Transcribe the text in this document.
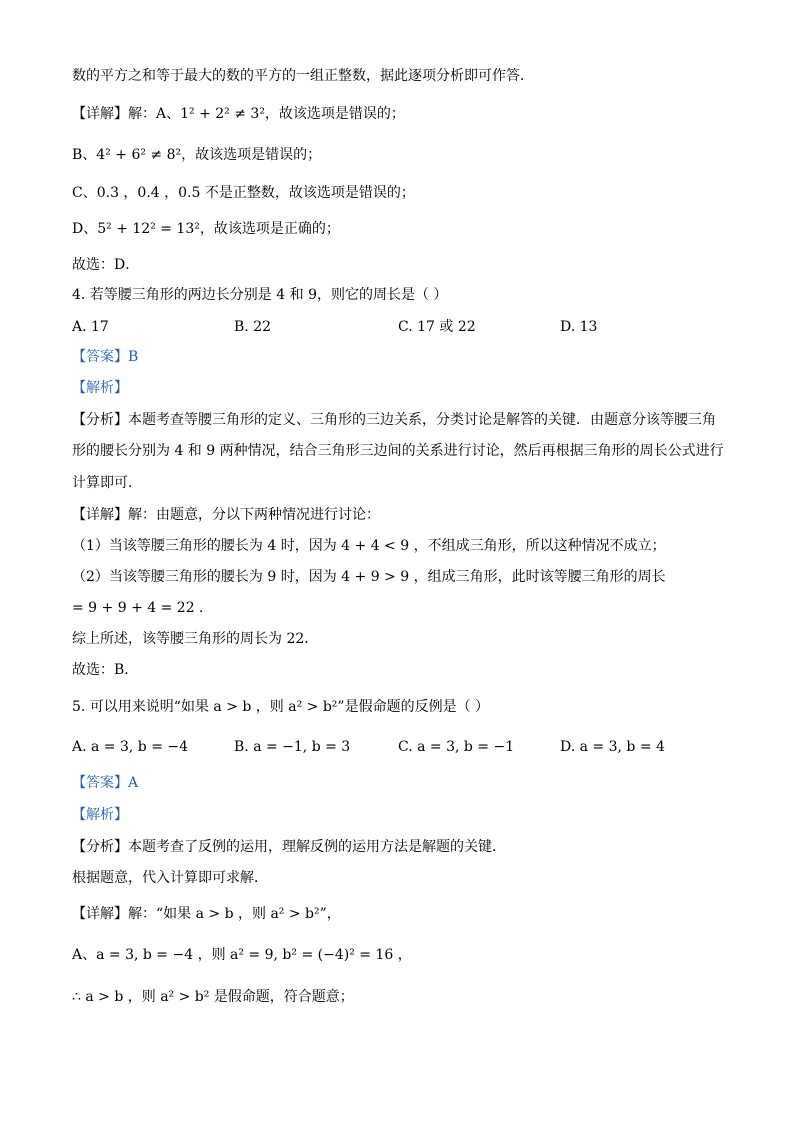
数的平方之和等于最大的数的平方的一组正整数，据此逐项分析即可作答．
【详解】解：A、1² + 2² ≠ 3²，故该选项是错误的；
B、4² + 6² ≠ 8²，故该选项是错误的；
C、0.3 ，0.4 ，0.5 不是正整数，故该选项是错误的；
D、5² + 12² = 13²，故该选项是正确的；
故选：D．
4. 若等腰三角形的两边长分别是 4 和 9，则它的周长是（ ）
A. 17	B. 22	C. 17 或 22	D. 13
【答案】B
【解析】
【分析】本题考查等腰三角形的定义、三角形的三边关系，分类讨论是解答的关键．由题意分该等腰三角
形的腰长分别为 4 和 9 两种情况，结合三角形三边间的关系进行讨论，然后再根据三角形的周长公式进行
计算即可．
【详解】解：由题意，分以下两种情况进行讨论：
（1）当该等腰三角形的腰长为 4 时，因为 4 + 4 < 9 ，不组成三角形，所以这种情况不成立；
（2）当该等腰三角形的腰长为 9 时，因为 4 + 9 > 9 ，组成三角形，此时该等腰三角形的周长
= 9 + 9 + 4 = 22 ．
综上所述，该等腰三角形的周长为 22．
故选：B．
5. 可以用来说明“如果 a > b ，则 a² > b²”是假命题的反例是（ ）
A. a = 3, b = −4	B. a = −1, b = 3	C. a = 3, b = −1	D. a = 3, b = 4
【答案】A
【解析】
【分析】本题考查了反例的运用，理解反例的运用方法是解题的关键．
根据题意，代入计算即可求解．
【详解】解：“如果 a > b ，则 a² > b²”，
A、a = 3, b = −4 ，则 a² = 9, b² = (−4)² = 16 ，
∴ a > b ，则 a² > b² 是假命题，符合题意；
